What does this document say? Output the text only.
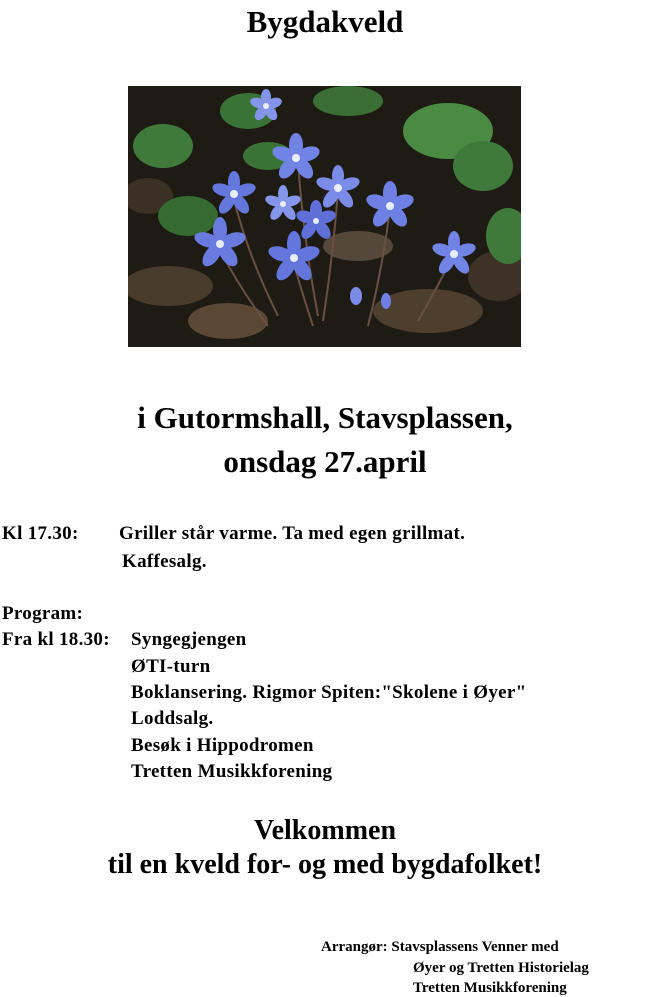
Bygdakveld
i Gutormshall, Stavsplassen,
onsdag 27.april
Kl 17.30: Griller står varme. Ta med egen grillmat.
Kaffesalg.
Program:
Fra kl 18.30: Syngegjengen
ØTI-turn
Boklansering. Rigmor Spiten:"Skolene i Øyer"
Loddsalg.
Besøk i Hippodromen
Tretten Musikkforening
Velkommen
til en kveld for- og med bygdafolket!
Arrangør: Stavsplassens Venner med
Øyer og Tretten Historielag
Tretten Musikkforening
